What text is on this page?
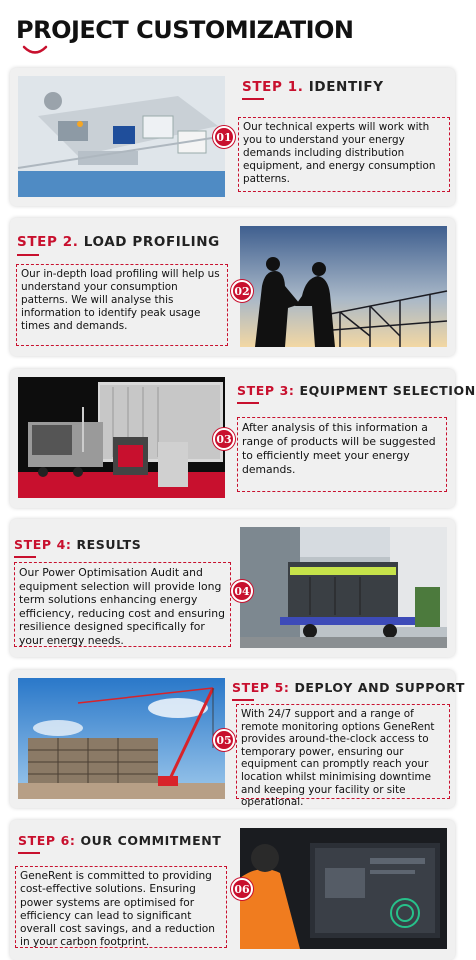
PROJECT CUSTOMIZATION
01
STEP 1. IDENTIFY
Our technical experts will work with you to understand your energy demands including distribution equipment, and energy consumption patterns.
STEP 2. LOAD PROFILING
Our in-depth load profiling will help us understand your consumption patterns. We will analyse this information to identify peak usage times and demands.
02
03
STEP 3: EQUIPMENT SELECTION
After analysis of this information a range of products will be suggested to efficiently meet your energy demands.
STEP 4: RESULTS
Our Power Optimisation Audit and equipment selection will provide long term solutions enhancing energy efficiency, reducing cost and ensuring resilience designed specifically for your energy needs.
04
05
STEP 5: DEPLOY AND SUPPORT
With 24/7 support and a range of remote monitoring options GeneRent provides around-the-clock access to temporary power, ensuring our equipment can promptly reach your location whilst minimising downtime and keeping your facility or site operational.
STEP 6: OUR COMMITMENT
GeneRent is committed to providing cost-effective solutions. Ensuring power systems are optimised for efficiency can lead to significant overall cost savings, and a reduction in your carbon footprint.
06
